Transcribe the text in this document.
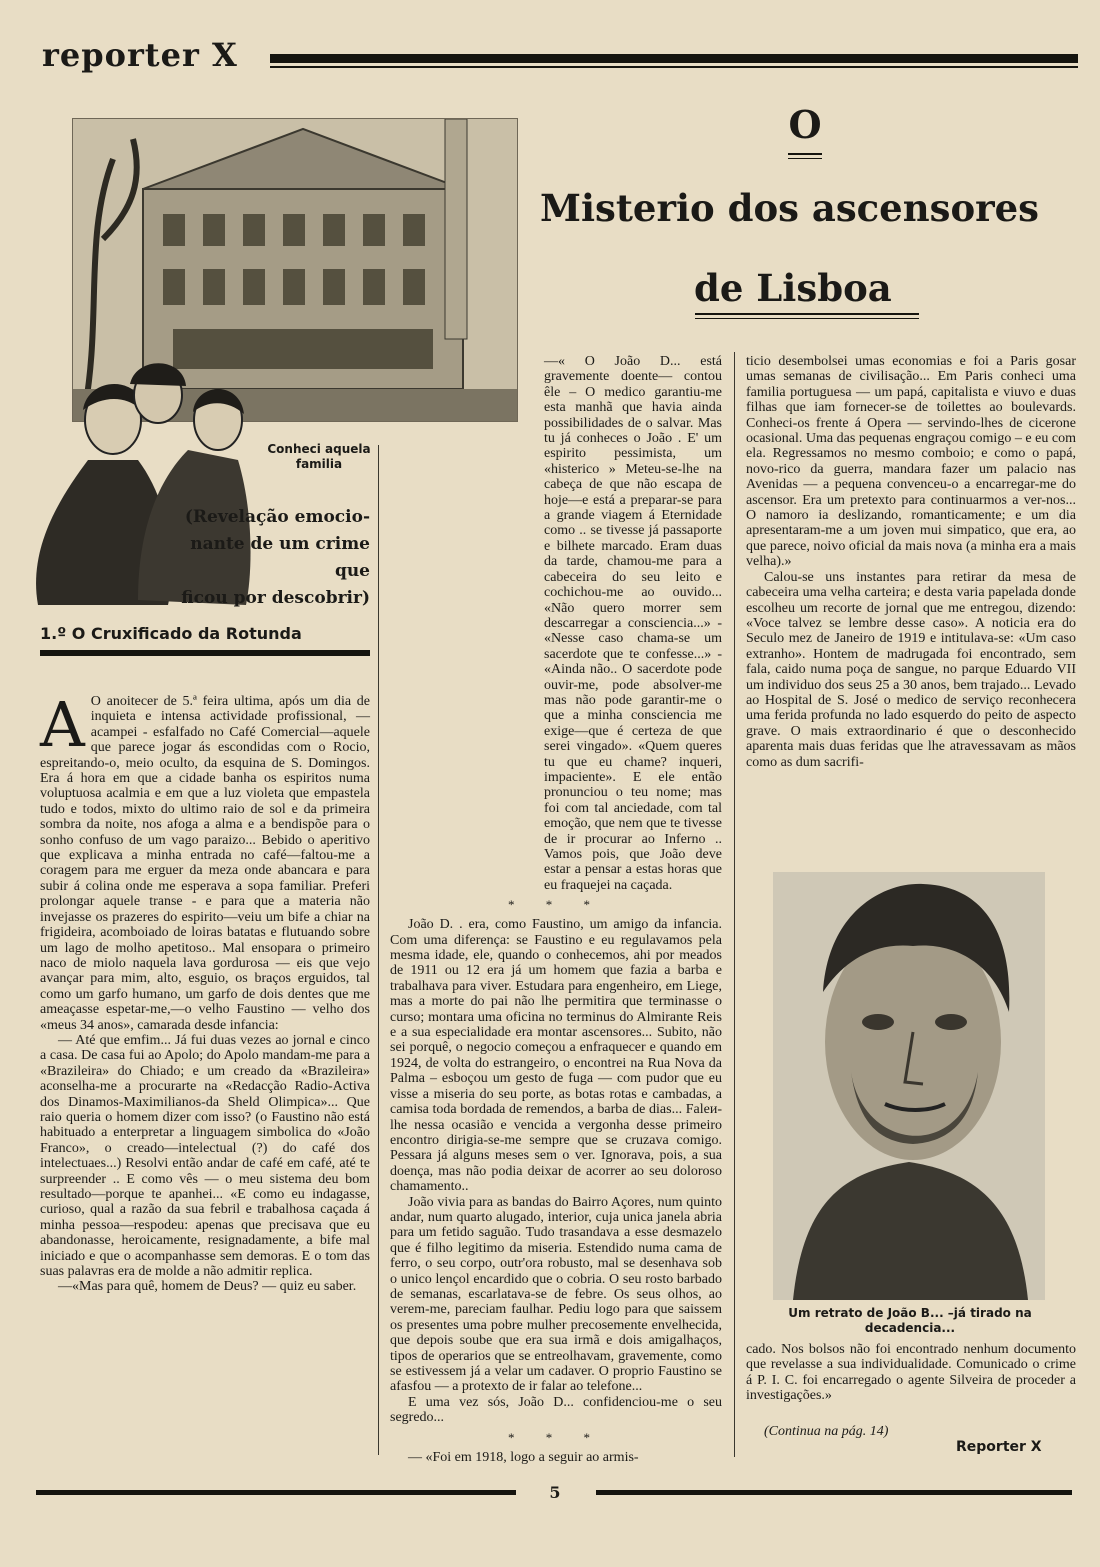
reporter X
Conheci aquela familia
(Revelação emocio-
nante de um crime que
ficou por descobrir)
O
Misterio dos ascensores
de Lisboa
1.º O Cruxificado da Rotunda
A O anoitecer de 5.ª feira ultima, após um dia de inquieta e intensa actividade profissional, — acampei - esfalfado no Café Comercial—aquele que parece jogar ás escondidas com o Rocio, espreitando-o, meio oculto, da esquina de S. Domingos. Era á hora em que a cidade banha os espiritos numa voluptuosa acalmia e em que a luz violeta que empastela tudo e todos, mixto do ultimo raio de sol e da primeira sombra da noite, nos afoga a alma e a bendispõe para o sonho confuso de um vago paraizo... Bebido o aperitivo que explicava a minha entrada no café—faltou-me a coragem para me erguer da meza onde abancara e para subir á colina onde me esperava a sopa familiar. Preferi prolongar aquele transe - e para que a materia não invejasse os prazeres do espirito—veiu um bife a chiar na frigideira, acomboiado de loiras batatas e flutuando sobre um lago de molho apetitoso.. Mal ensopara o primeiro naco de miolo naquela lava gordurosa — eis que vejo avançar para mim, alto, esguio, os braços erguidos, tal como um garfo humano, um garfo de dois dentes que me ameaçasse espetar-me,—o velho Faustino — velho dos «meus 34 anos», camarada desde infancia:

— Até que emfim... Já fui duas vezes ao jornal e cinco a casa. De casa fui ao Apolo; do Apolo mandam-me para a «Brazileira» do Chiado; e um creado da «Brazileira» aconselha-me a procurarte na «Redacção Radio-Activa dos Dinamos-Maximilianos-da Sheld Olimpica»... Que raio queria o homem dizer com isso? (o Faustino não está habituado a enterpretar a linguagem simbolica do «João Franco», o creado—intelectual (?) do café dos intelectuaes...) Resolvi então andar de café em café, até te surpreender .. E como vês — o meu sistema deu bom resultado—porque te apanhei... «E como eu indagasse, curioso, qual a razão da sua febril e trabalhosa caçada á minha pessoa—respodeu: apenas que precisava que eu abandonasse, heroicamente, resignadamente, a bife mal iniciado e que o acompanhasse sem demoras. E o tom das suas palavras era de molde a não admitir replica.

—«Mas para quê, homem de Deus? — quiz eu saber.

—« O João D... está gravemente doente— contou êle – O medico garantiu-me esta manhã que havia ainda possibilidades de o salvar. Mas tu já conheces o João . E' um espirito pessimista, um «histerico » Meteu-se-lhe na cabeça de que não escapa de hoje—e está a preparar-se para a grande viagem á Eternidade como .. se tivesse já passaporte e bilhete marcado. Eram duas da tarde, chamou-me para a cabeceira do seu leito e cochichou-me ao ouvido... «Não quero morrer sem descarregar a consciencia...» - «Nesse caso chama-se um sacerdote que te confesse...» - «Ainda não.. O sacerdote pode ouvir-me, pode absolver-me mas não pode garantir-me o que a minha consciencia me exige—que é certeza de que serei vingado». «Quem queres tu que eu chame? inqueri, impaciente». E ele então pronunciou o teu nome; mas foi com tal anciedade, com tal emoção, que nem que te tivesse de ir procurar ao Inferno .. Vamos pois, que João deve estar a pensar a estas horas que eu fraquejei na caçada.

* * *

João D. . era, como Faustino, um amigo da infancia. Com uma diferença: se Faustino e eu regulavamos pela mesma idade, ele, quando o conhecemos, ahi por meados de 1911 ou 12 era já um homem que fazia a barba e trabalhava para viver. Estudara para engenheiro, em Liege, mas a morte do pai não lhe permitira que terminasse o curso; montara uma oficina no terminus do Almirante Reis e a sua especialidade era montar ascensores... Subito, não sei porquê, o negocio começou a enfraquecer e quando em 1924, de volta do estrangeiro, o encontrei na Rua Nova da Palma – esboçou um gesto de fuga — com pudor que eu visse a miseria do seu porte, as botas rotas e cambadas, a camisa toda bordada de remendos, a barba de dias... Faleи-lhe nessa ocasião e vencida a vergonha desse primeiro encontro dirigia-se-me sempre que se cruzava comigo. Pessara já alguns meses sem o ver. Ignorava, pois, a sua doença, mas não podia deixar de acorrer ao seu doloroso chamamento..

João vivia para as bandas do Bairro Açores, num quinto andar, num quarto alugado, interior, cuja unica janela abria para um fetido saguão. Tudo trasandava a esse desmazelo que é filho legitimo da miseria. Estendido numa cama de ferro, o seu corpo, outr'ora robusto, mal se desenhava sob o unico lençol encardido que o cobria. O seu rosto barbado de semanas, escarlatava-se de febre. Os seus olhos, ao verem-me, pareciam faulhar. Pediu logo para que saissem os presentes uma pobre mulher precosemente envelhecida, que depois soube que era sua irmã e dois amigalhaços, tipos de operarios que se entreolhavam, gravemente, como se estivessem já a velar um cadaver. O proprio Faustino se afasfou — a protexto de ir falar ao telefone...

E uma vez sós, João D... confidenciou-me o seu segredo...

* * *

— «Foi em 1918, logo a seguir ao armis-

ticio desembolsei umas economias e foi a Paris gosar umas semanas de civilisação... Em Paris conheci uma familia portuguesa — um papá, capitalista e viuvo e duas filhas que iam fornecer-se de toilettes ao boulevards. Conheci-os frente á Opera — servindo-lhes de cicerone ocasional. Uma das pequenas engraçou comigo – e eu com ela. Regressamos no mesmo comboio; e como o papá, novo-rico da guerra, mandara fazer um palacio nas Avenidas — a pequena convenceu-o a encarregar-me do ascensor. Era um pretexto para continuarmos a ver-nos... O namoro ia deslizando, romanticamente; e um dia apresentaram-me a um joven mui simpatico, que era, ao que parece, noivo oficial da mais nova (a minha era a mais velha).»

Calou-se uns instantes para retirar da mesa de cabeceira uma velha carteira; e desta varia papelada donde escolheu um recorte de jornal que me entregou, dizendo: «Voce talvez se lembre desse caso». A noticia era do Seculo mez de Janeiro de 1919 e intitulava-se: «Um caso extranho». Hontem de madrugada foi encontrado, sem fala, caido numa poça de sangue, no parque Eduardo VII um individuo dos seus 25 a 30 anos, bem trajado... Levado ao Hospital de S. José o medico de serviço reconhecera uma ferida profunda no lado esquerdo do peito de aspecto grave. O mais extraordinario é que o desconhecido aparenta mais duas feridas que lhe atravessavam as mãos como as dum sacrifi-

Um retrato de João B... –já tirado na decadencia...

cado. Nos bolsos não foi encontrado nenhum documento que revelasse a sua individualidade. Comunicado o crime á P. I. C. foi encarregado o agente Silveira de proceder a investigações.»

(Continua na pág. 14)
Reporter X
5
